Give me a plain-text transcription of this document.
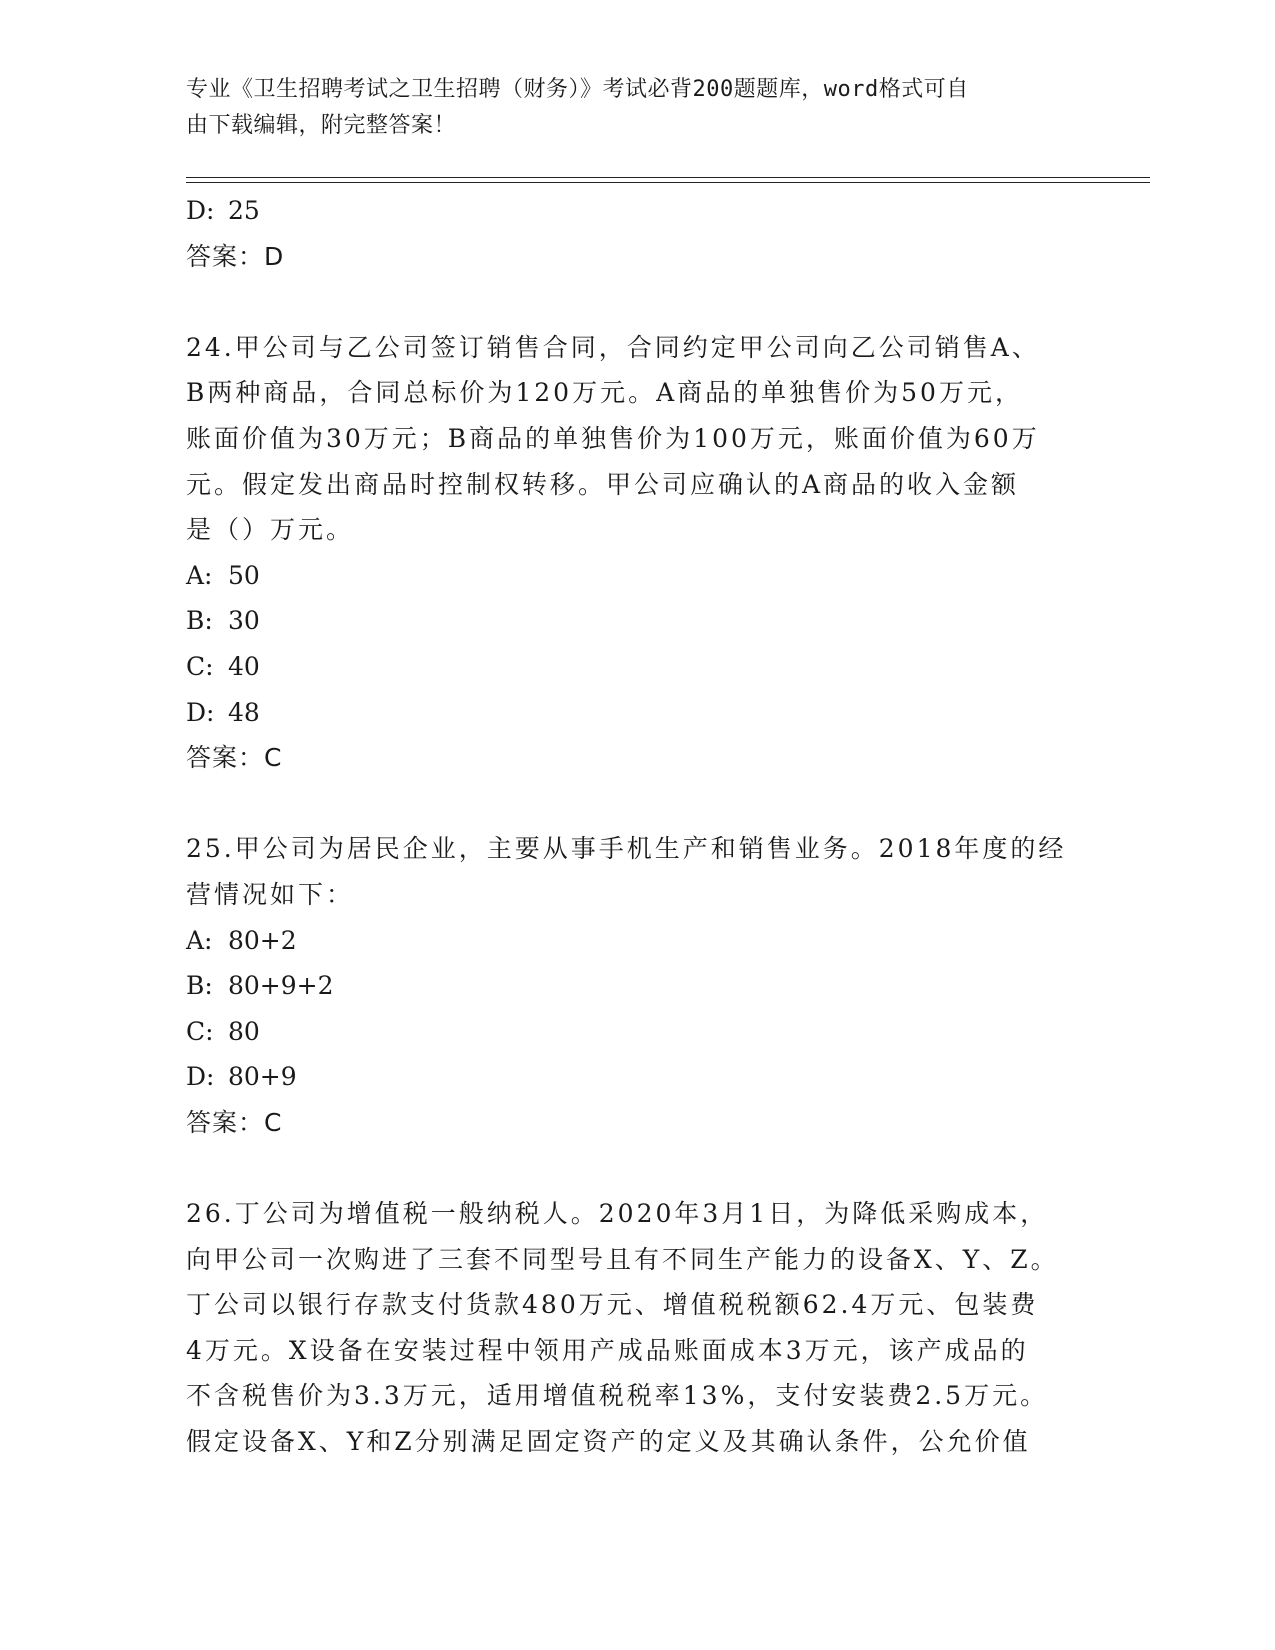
专业《卫生招聘考试之卫生招聘（财务）》考试必背200题题库，word格式可自
由下载编辑，附完整答案！
D: 25
答案：D
24.甲公司与乙公司签订销售合同，合同约定甲公司向乙公司销售A、
B两种商品，合同总标价为120万元。A商品的单独售价为50万元，
账面价值为30万元；B商品的单独售价为100万元，账面价值为60万
元。假定发出商品时控制权转移。甲公司应确认的A商品的收入金额
是（）万元。
A: 50
B: 30
C: 40
D: 48
答案：C
25.甲公司为居民企业，主要从事手机生产和销售业务。2018年度的经
营情况如下：
A: 80+2
B: 80+9+2
C: 80
D: 80+9
答案：C
26.丁公司为增值税一般纳税人。2020年3月1日，为降低采购成本，
向甲公司一次购进了三套不同型号且有不同生产能力的设备X、Y、Z。
丁公司以银行存款支付货款480万元、增值税税额62.4万元、包装费
4万元。X设备在安装过程中领用产成品账面成本3万元，该产成品的
不含税售价为3.3万元，适用增值税税率13%，支付安装费2.5万元。
假定设备X、Y和Z分别满足固定资产的定义及其确认条件，公允价值
